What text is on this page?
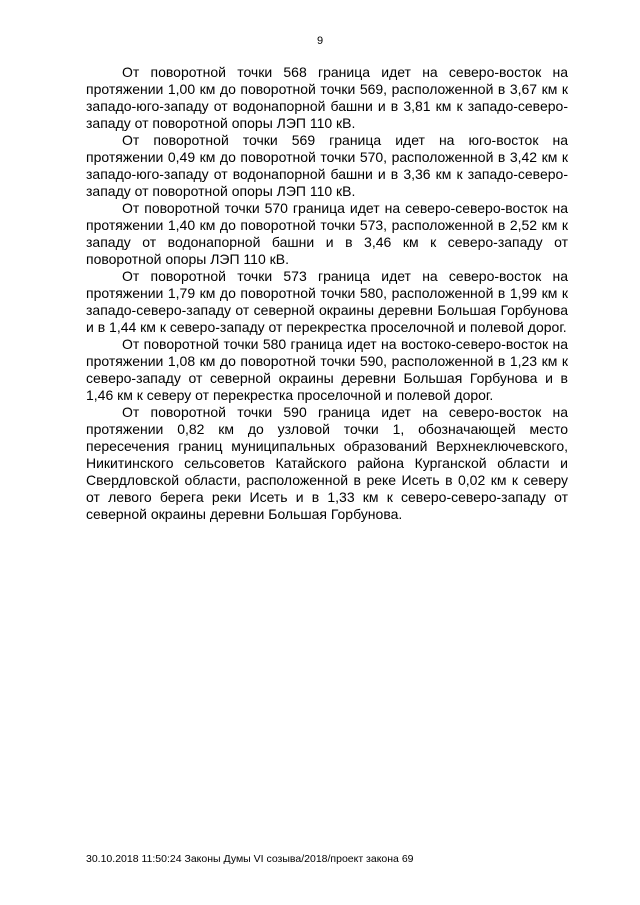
9

От поворотной точки 568 граница идет на северо-восток на протяжении 1,00 км до поворотной точки 569, расположенной в 3,67 км к западо-юго-западу от водонапорной башни и в 3,81 км к западо-северо-западу от поворотной опоры ЛЭП 110 кВ.

От поворотной точки 569 граница идет на юго-восток на протяжении 0,49 км до поворотной точки 570, расположенной в 3,42 км к западо-юго-западу от водонапорной башни и в 3,36 км к западо-северо-западу от поворотной опоры ЛЭП 110 кВ.

От поворотной точки 570 граница идет на северо-северо-восток на протяжении 1,40 км до поворотной точки 573, расположенной в 2,52 км к западу от водонапорной башни и в 3,46 км к северо-западу от поворотной опоры ЛЭП 110 кВ.

От поворотной точки 573 граница идет на северо-восток на протяжении 1,79 км до поворотной точки 580, расположенной в 1,99 км к западо-северо-западу от северной окраины деревни Большая Горбунова и в 1,44 км к северо-западу от перекрестка проселочной и полевой дорог.

От поворотной точки 580 граница идет на востоко-северо-восток на протяжении 1,08 км до поворотной точки 590, расположенной в 1,23 км к северо-западу от северной окраины деревни Большая Горбунова и в 1,46 км к северу от перекрестка проселочной и полевой дорог.

От поворотной точки 590 граница идет на северо-восток на протяжении 0,82 км до узловой точки 1, обозначающей место пересечения границ муниципальных образований Верхнеключевского, Никитинского сельсоветов Катайского района Курганской области и Свердловской области, расположенной в реке Исеть в 0,02 км к северу от левого берега реки Исеть и в 1,33 км к северо-северо-западу от северной окраины деревни Большая Горбунова.

30.10.2018 11:50:24 Законы Думы VI созыва/2018/проект закона 69
